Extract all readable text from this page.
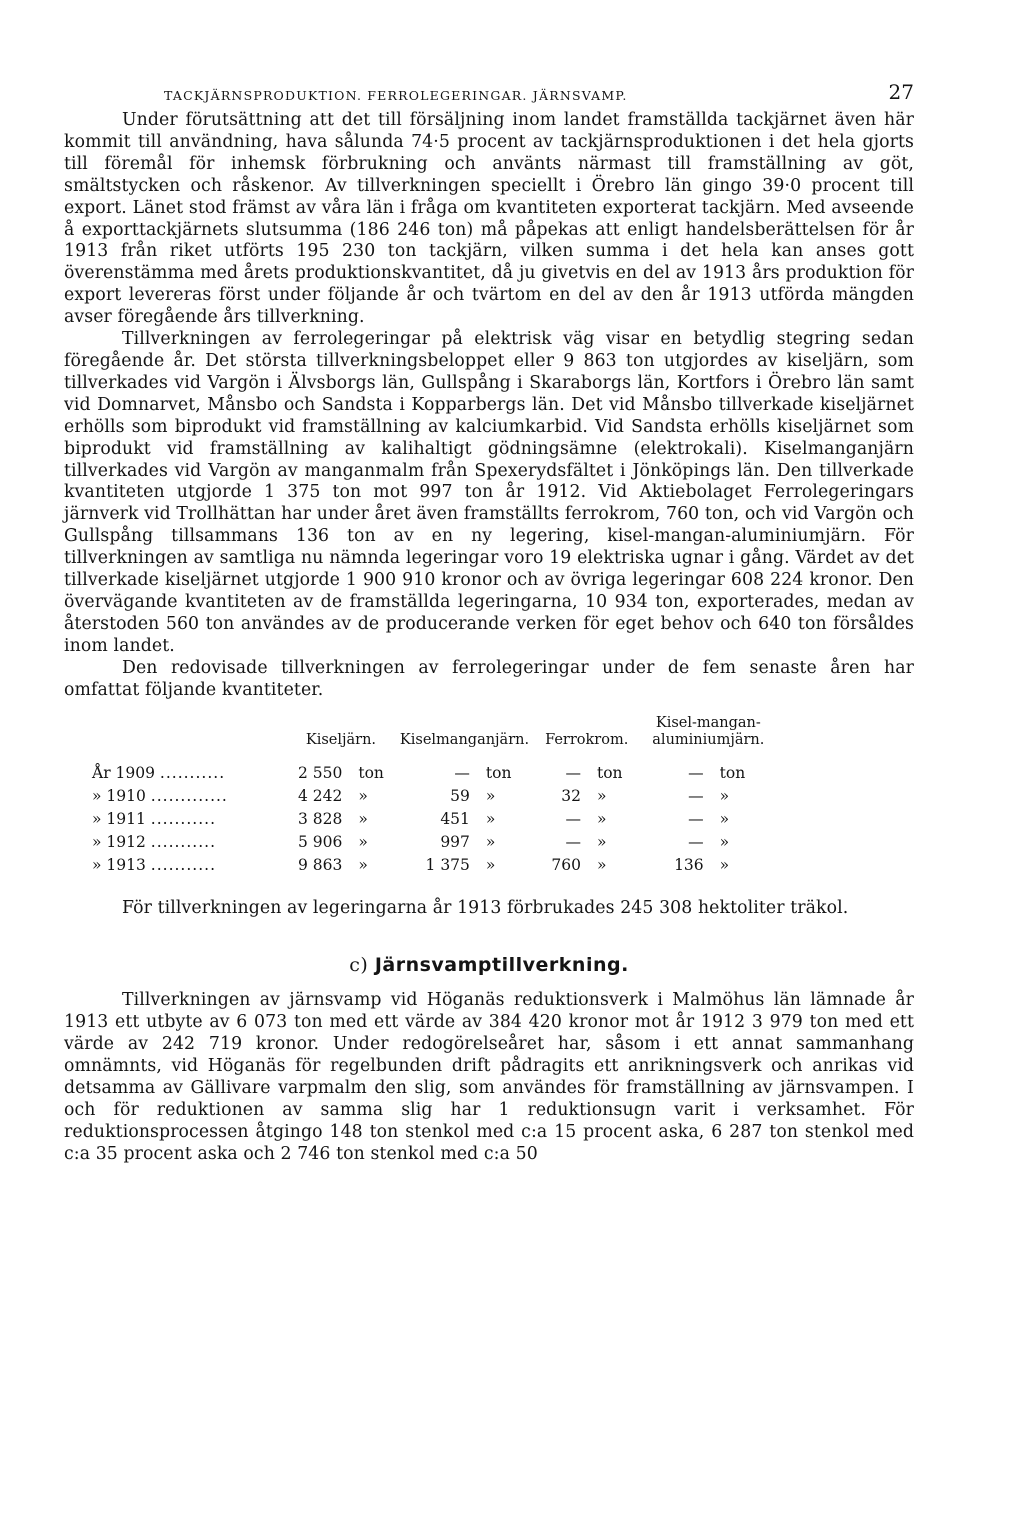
TACKJÄRNSPRODUKTION. FERROLEGERINGAR. JÄRNSVAMP.	27

Under förutsättning att det till försäljning inom landet framställda tackjärnet även här kommit till användning, hava sålunda 74·5 procent av tackjärnsproduktionen i det hela gjorts till föremål för inhemsk förbrukning och använts närmast till framställning av göt, smältstycken och råskenor. Av tillverkningen speciellt i Örebro län gingo 39·0 procent till export. Länet stod främst av våra län i fråga om kvantiteten exporterat tackjärn. Med avseende å exporttackjärnets slutsumma (186 246 ton) må påpekas att enligt handelsberättelsen för år 1913 från riket utförts 195 230 ton tackjärn, vilken summa i det hela kan anses gott överenstämma med årets produktionskvantitet, då ju givetvis en del av 1913 års produktion för export levereras först under följande år och tvärtom en del av den år 1913 utförda mängden avser föregående års tillverkning.

Tillverkningen av ferrolegeringar på elektrisk väg visar en betydlig stegring sedan föregående år. Det största tillverkningsbeloppet eller 9 863 ton utgjordes av kiseljärn, som tillverkades vid Vargön i Älvsborgs län, Gullspång i Skaraborgs län, Kortfors i Örebro län samt vid Domnarvet, Månsbo och Sandsta i Kopparbergs län. Det vid Månsbo tillverkade kiseljärnet erhölls som biprodukt vid framställning av kalciumkarbid. Vid Sandsta erhölls kiseljärnet som biprodukt vid framställning av kalihaltigt gödningsämne (elektrokali). Kiselmanganjärn tillverkades vid Vargön av manganmalm från Spexerydsfältet i Jönköpings län. Den tillverkade kvantiteten utgjorde 1 375 ton mot 997 ton år 1912. Vid Aktiebolaget Ferrolegeringars järnverk vid Trollhättan har under året även framställts ferrokrom, 760 ton, och vid Vargön och Gullspång tillsammans 136 ton av en ny legering, kisel-mangan-aluminiumjärn. För tillverkningen av samtliga nu nämnda legeringar voro 19 elektriska ugnar i gång. Värdet av det tillverkade kiseljärnet utgjorde 1 900 910 kronor och av övriga legeringar 608 224 kronor. Den övervägande kvantiteten av de framställda legeringarna, 10 934 ton, exporterades, medan av återstoden 560 ton användes av de producerande verken för eget behov och 640 ton försåldes inom landet.

Den redovisade tillverkningen av ferrolegeringar under de fem senaste åren har omfattat följande kvantiteter.

	Kiseljärn.		Kiselmanganjärn.		Ferrokrom.		Kisel-mangan-aluminiumjärn.	
År 1909 ...........	2 550	ton	—	ton	—	ton	—	ton
» 1910 .............	4 242	»	59	»	32	»	—	»
» 1911 ...........	3 828	»	451	»	—	»	—	»
» 1912 ...........	5 906	»	997	»	—	»	—	»
» 1913 ...........	9 863	»	1 375	»	760	»	136	»

För tillverkningen av legeringarna år 1913 förbrukades 245 308 hektoliter träkol.

c) Järnsvamptillverkning.

Tillverkningen av järnsvamp vid Höganäs reduktionsverk i Malmöhus län lämnade år 1913 ett utbyte av 6 073 ton med ett värde av 384 420 kronor mot år 1912 3 979 ton med ett värde av 242 719 kronor. Under redogörelseåret har, såsom i ett annat sammanhang omnämnts, vid Höganäs för regelbunden drift pådragits ett anrikningsverk och anrikas vid detsamma av Gällivare varpmalm den slig, som användes för framställning av järnsvampen. I och för reduktionen av samma slig har 1 reduktionsugn varit i verksamhet. För reduktionsprocessen åtgingo 148 ton stenkol med c:a 15 procent aska, 6 287 ton stenkol med c:a 35 procent aska och 2 746 ton stenkol med c:a 50
